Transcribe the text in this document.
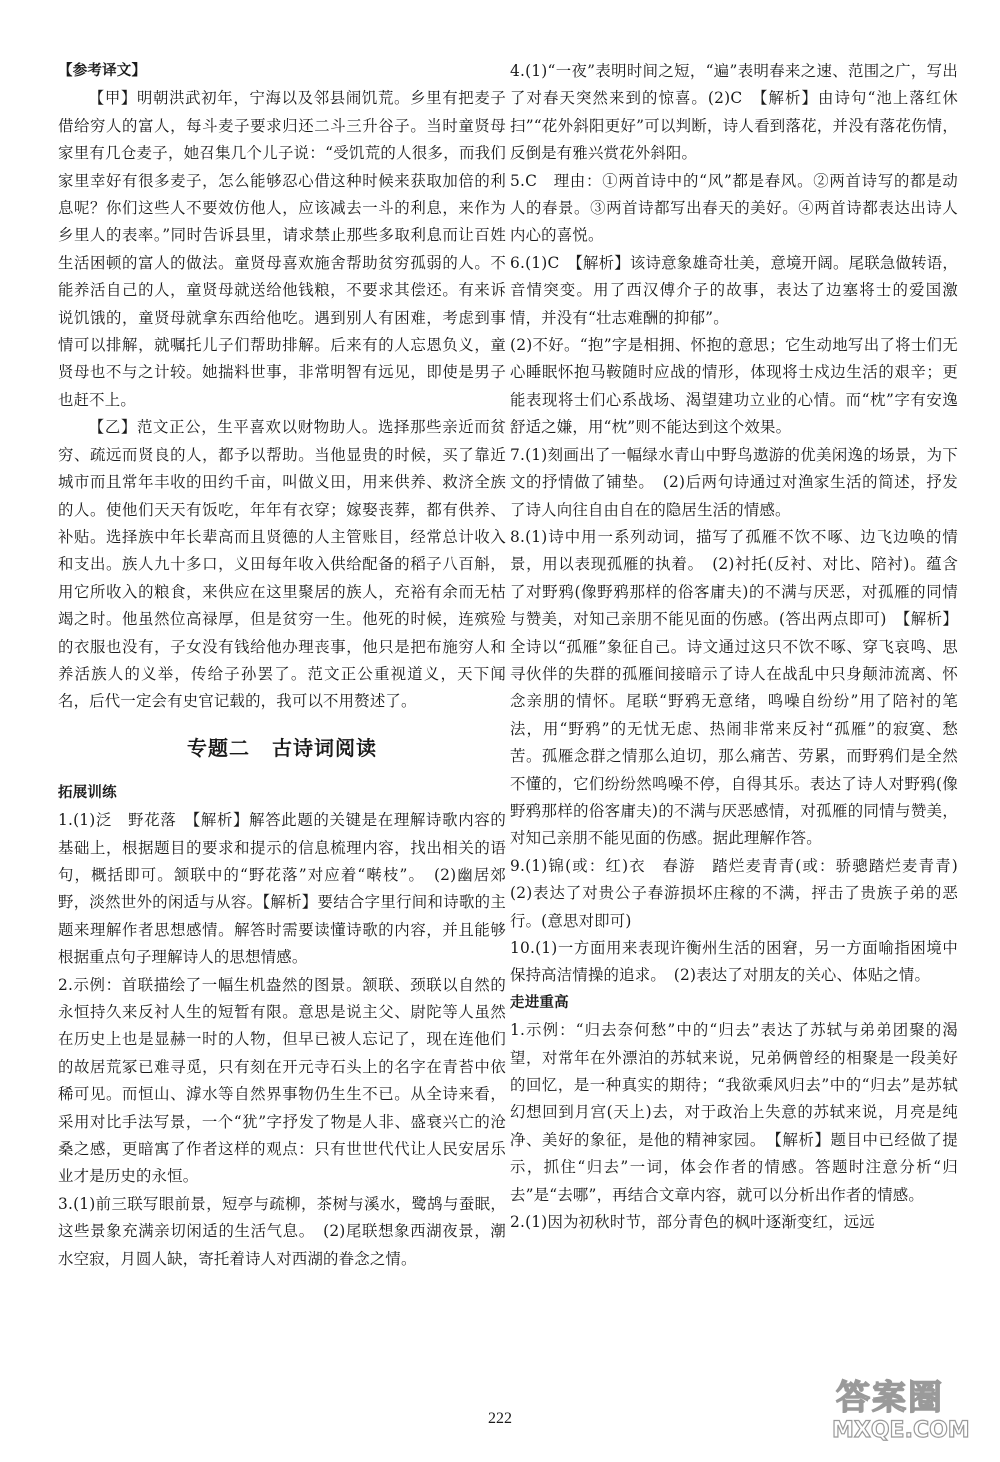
【参考译文】

【甲】明朝洪武初年，宁海以及邻县闹饥荒。乡里有把麦子借给穷人的富人，每斗麦子要求归还二斗三升谷子。当时童贤母家里有几仓麦子，她召集几个儿子说：“受饥荒的人很多，而我们家里幸好有很多麦子，怎么能够忍心借这种时候来获取加倍的利息呢？你们这些人不要效仿他人，应该减去一斗的利息，来作为乡里人的表率。”同时告诉县里，请求禁止那些多取利息而让百姓生活困顿的富人的做法。童贤母喜欢施舍帮助贫穷孤弱的人。不能养活自己的人，童贤母就送给他钱粮，不要求其偿还。有来诉说饥饿的，童贤母就拿东西给他吃。遇到别人有困难，考虑到事情可以排解，就嘱托儿子们帮助排解。后来有的人忘恩负义，童贤母也不与之计较。她揣料世事，非常明智有远见，即使是男子也赶不上。

【乙】范文正公，生平喜欢以财物助人。选择那些亲近而贫穷、疏远而贤良的人，都予以帮助。当他显贵的时候，买了靠近城市而且常年丰收的田约千亩，叫做义田，用来供养、救济全族的人。使他们天天有饭吃，年年有衣穿；嫁娶丧葬，都有供养、补贴。选择族中年长辈高而且贤德的人主管账目，经常总计收入和支出。族人九十多口，义田每年收入供给配备的稻子八百斛，用它所收入的粮食，来供应在这里聚居的族人，充裕有余而无枯竭之时。他虽然位高禄厚，但是贫穷一生。他死的时候，连殡殓的衣服也没有，子女没有钱给他办理丧事，他只是把布施穷人和养活族人的义举，传给子孙罢了。范文正公重视道义，天下闻名，后代一定会有史官记载的，我可以不用赘述了。

专题二 古诗词阅读

拓展训练

1.(1)泛　野花落　【解析】解答此题的关键是在理解诗歌内容的基础上，根据题目的要求和提示的信息梳理内容，找出相关的语句，概括即可。颔联中的“野花落”对应着“啭枝”。　(2)幽居郊野，淡然世外的闲适与从容。【解析】要结合字里行间和诗歌的主题来理解作者思想感情。解答时需要读懂诗歌的内容，并且能够根据重点句子理解诗人的思想情感。

2.示例：首联描绘了一幅生机盎然的图景。颔联、颈联以自然的永恒持久来反衬人生的短暂有限。意思是说主父、尉陀等人虽然在历史上也是显赫一时的人物，但早已被人忘记了，现在连他们的故居荒冢已难寻觅，只有刻在开元寺石头上的名字在青苔中依稀可见。而恒山、滹水等自然界事物仍生生不已。从全诗来看，采用对比手法写景，一个“犹”字抒发了物是人非、盛衰兴亡的沧桑之感，更暗寓了作者这样的观点：只有世世代代让人民安居乐业才是历史的永恒。

3.(1)前三联写眼前景，短亭与疏柳，茶树与溪水，鹭鸪与蚕眠，这些景象充满亲切闲适的生活气息。　(2)尾联想象西湖夜景，潮水空寂，月圆人缺，寄托着诗人对西湖的眷念之情。

4.(1)“一夜”表明时间之短，“遍”表明春来之速、范围之广，写出了对春天突然来到的惊喜。(2)C　【解析】由诗句“池上落红休扫”“花外斜阳更好”可以判断，诗人看到落花，并没有落花伤情，反倒是有雅兴赏花外斜阳。

5.C　理由：①两首诗中的“风”都是春风。②两首诗写的都是动人的春景。③两首诗都写出春天的美好。④两首诗都表达出诗人内心的喜悦。

6.(1)C　【解析】该诗意象雄奇壮美，意境开阔。尾联急做转语，音情突变。用了西汉傅介子的故事，表达了边塞将士的爱国激情，并没有“壮志难酬的抑郁”。

(2)不好。“抱”字是相拥、怀抱的意思；它生动地写出了将士们无心睡眠怀抱马鞍随时应战的情形，体现将士戍边生活的艰辛；更能表现将士们心系战场、渴望建功立业的心情。而“枕”字有安逸舒适之嫌，用“枕”则不能达到这个效果。

7.(1)刻画出了一幅绿水青山中野鸟遨游的优美闲逸的场景，为下文的抒情做了铺垫。　(2)后两句诗通过对渔家生活的简述，抒发了诗人向往自由自在的隐居生活的情感。

8.(1)诗中用一系列动词，描写了孤雁不饮不啄、边飞边唤的情景，用以表现孤雁的执着。　(2)衬托(反衬、对比、陪衬)。蕴含了对野鸦(像野鸦那样的俗客庸夫)的不满与厌恶，对孤雁的同情与赞美，对知己亲朋不能见面的伤感。(答出两点即可)　【解析】全诗以“孤雁”象征自己。诗文通过这只不饮不啄、穿飞哀鸣、思寻伙伴的失群的孤雁间接暗示了诗人在战乱中只身颠沛流离、怀念亲朋的情怀。尾联“野鸦无意绪，鸣噪自纷纷”用了陪衬的笔法，用“野鸦”的无忧无虑、热闹非常来反衬“孤雁”的寂寞、愁苦。孤雁念群之情那么迫切，那么痛苦、劳累，而野鸦们是全然不懂的，它们纷纷然鸣噪不停，自得其乐。表达了诗人对野鸦(像野鸦那样的俗客庸夫)的不满与厌恶感情，对孤雁的同情与赞美，对知己亲朋不能见面的伤感。据此理解作答。

9.(1)锦(或：红)衣　春游　踏烂麦青青(或：骄骢踏烂麦青青)　(2)表达了对贵公子春游损坏庄稼的不满，抨击了贵族子弟的恶行。(意思对即可)

10.(1)一方面用来表现许衡州生活的困窘，另一方面喻指困境中保持高洁情操的追求。　(2)表达了对朋友的关心、体贴之情。

走进重高

1.示例：“归去奈何愁”中的“归去”表达了苏轼与弟弟团聚的渴望，对常年在外漂泊的苏轼来说，兄弟俩曾经的相聚是一段美好的回忆，是一种真实的期待；“我欲乘风归去”中的“归去”是苏轼幻想回到月宫(天上)去，对于政治上失意的苏轼来说，月亮是纯净、美好的象征，是他的精神家园。　【解析】题目中已经做了提示，抓住“归去”一词，体会作者的情感。答题时注意分析“归去”是“去哪”，再结合文章内容，就可以分析出作者的情感。

2.(1)因为初秋时节，部分青色的枫叶逐渐变红，远远

222
答案圈
MXQE.COM
